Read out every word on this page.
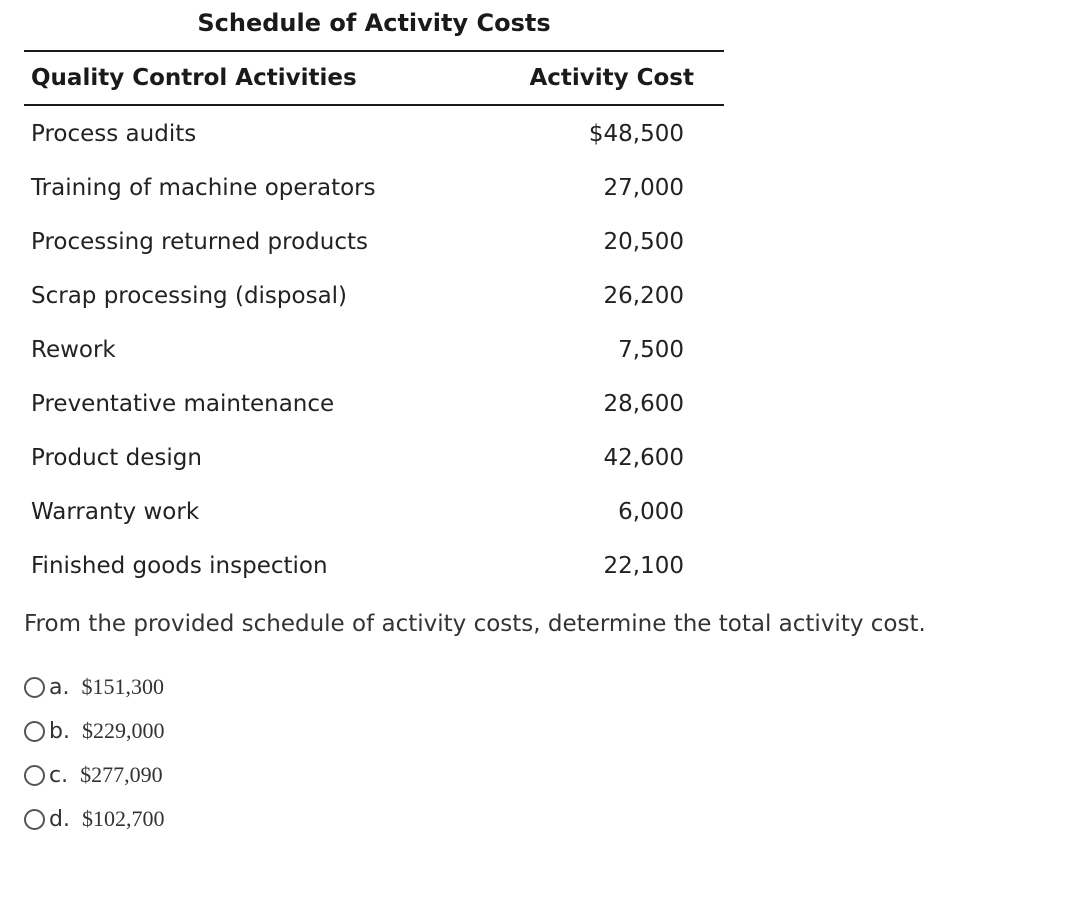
Schedule of Activity Costs
Quality Control Activities	Activity Cost
Process audits	$48,500
Training of machine operators	27,000
Processing returned products	20,500
Scrap processing (disposal)	26,200
Rework	7,500
Preventative maintenance	28,600
Product design	42,600
Warranty work	6,000
Finished goods inspection	22,100
From the provided schedule of activity costs, determine the total activity cost.
a. $151,300
b. $229,000
c. $277,090
d. $102,700
